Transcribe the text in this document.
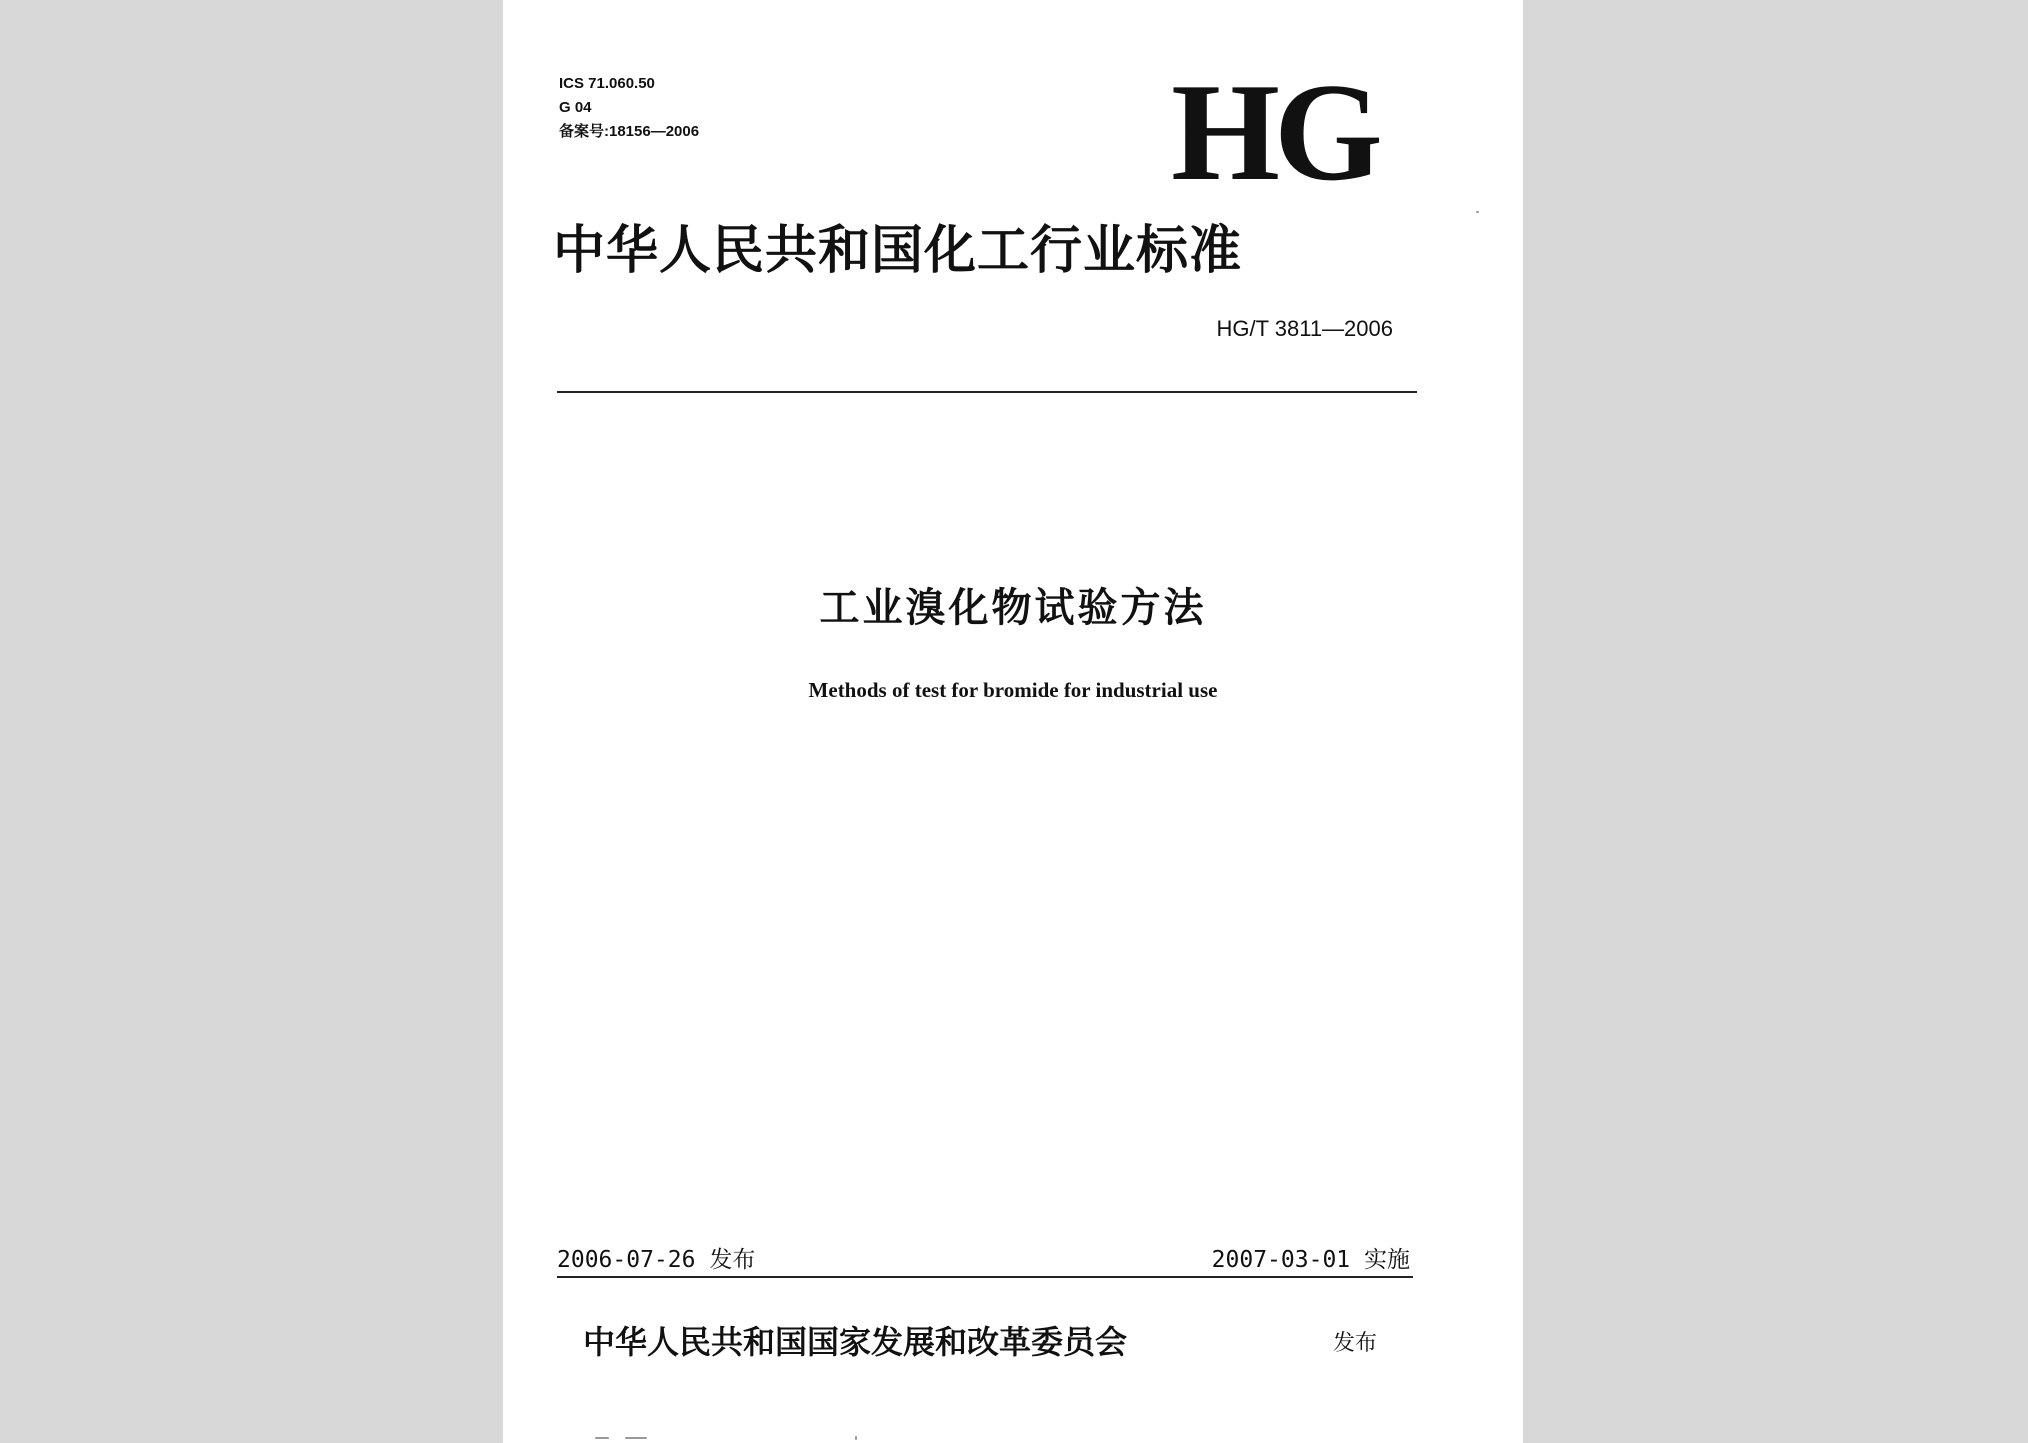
ICS 71.060.50
G 04
备案号:18156—2006	HG
中华人民共和国化工行业标准
HG/T 3811—2006
工业溴化物试验方法
Methods of test for bromide for industrial use
2006-07-26 发布	2007-03-01 实施
中华人民共和国国家发展和改革委员会	发布
